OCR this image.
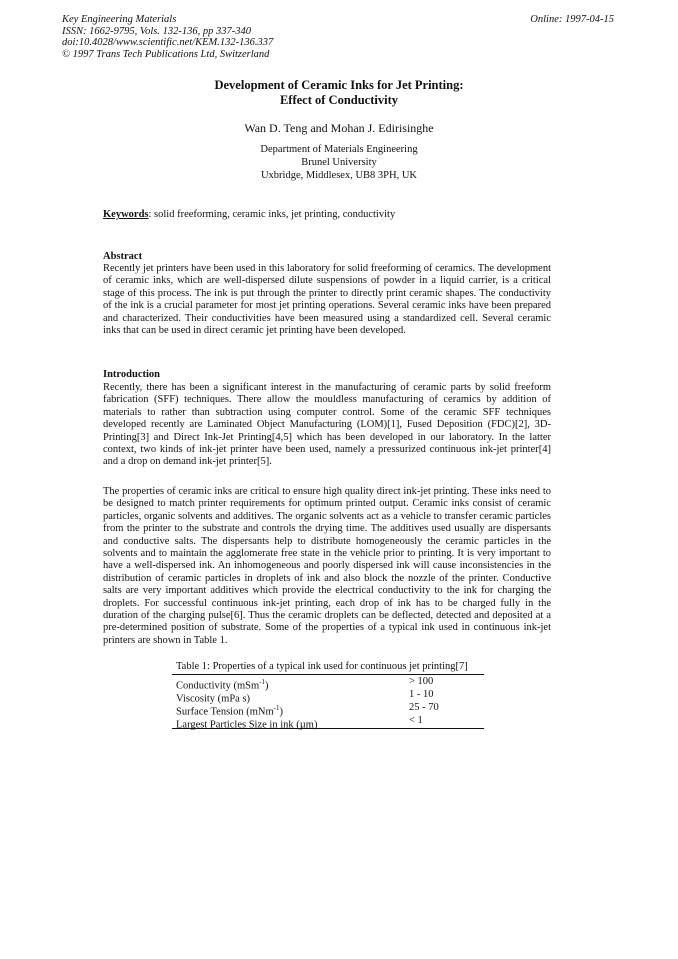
Key Engineering Materials
ISSN: 1662-9795, Vols. 132-136, pp 337-340
doi:10.4028/www.scientific.net/KEM.132-136.337
© 1997 Trans Tech Publications Ltd, Switzerland
Online: 1997-04-15
Development of Ceramic Inks for Jet Printing:
Effect of Conductivity
Wan D. Teng and Mohan J. Edirisinghe
Department of Materials Engineering
Brunel University
Uxbridge, Middlesex, UB8 3PH, UK
Keywords: solid freeforming, ceramic inks, jet printing, conductivity
Abstract
Recently jet printers have been used in this laboratory for solid freeforming of ceramics. The development of ceramic inks, which are well-dispersed dilute suspensions of powder in a liquid carrier, is a critical stage of this process. The ink is put through the printer to directly print ceramic shapes. The conductivity of the ink is a crucial parameter for most jet printing operations. Several ceramic inks have been prepared and characterized. Their conductivities have been measured using a standardized cell. Several ceramic inks that can be used in direct ceramic jet printing have been developed.
Introduction
Recently, there has been a significant interest in the manufacturing of ceramic parts by solid freeform fabrication (SFF) techniques. There allow the mouldless manufacturing of ceramics by addition of materials to rather than subtraction using computer control. Some of the ceramic SFF techniques developed recently are Laminated Object Manufacturing (LOM)[1], Fused Deposition (FDC)[2], 3D-Printing[3] and Direct Ink-Jet Printing[4,5] which has been developed in our laboratory. In the latter context, two kinds of ink-jet printer have been used, namely a pressurized continuous ink-jet printer[4] and a drop on demand ink-jet printer[5].
The properties of ceramic inks are critical to ensure high quality direct ink-jet printing. These inks need to be designed to match printer requirements for optimum printed output. Ceramic inks consist of ceramic particles, organic solvents and additives. The organic solvents act as a vehicle to transfer ceramic particles from the printer to the substrate and controls the drying time. The additives used usually are dispersants and conductive salts. The dispersants help to distribute homogeneously the ceramic particles in the solvents and to maintain the agglomerate free state in the vehicle prior to printing. It is very important to have a well-dispersed ink. An inhomogeneous and poorly dispersed ink will cause inconsistencies in the distribution of ceramic particles in droplets of ink and also block the nozzle of the printer. Conductive salts are very important additives which provide the electrical conductivity to the ink for charging the droplets. For successful continuous ink-jet printing, each drop of ink has to be charged fully in the duration of the charging pulse[6]. Thus the ceramic droplets can be deflected, detected and deposited at a pre-determined position of substrate. Some of the properties of a typical ink used in continuous ink-jet printers are shown in Table 1.
Table 1: Properties of a typical ink used for continuous jet printing[7]
Conductivity (mSm$^{-1}$)	> 100
Viscosity (mPa s)	1 - 10
Surface Tension (mNm$^{-1}$)	25 - 70
Largest Particles Size in ink (µm)	< 1
